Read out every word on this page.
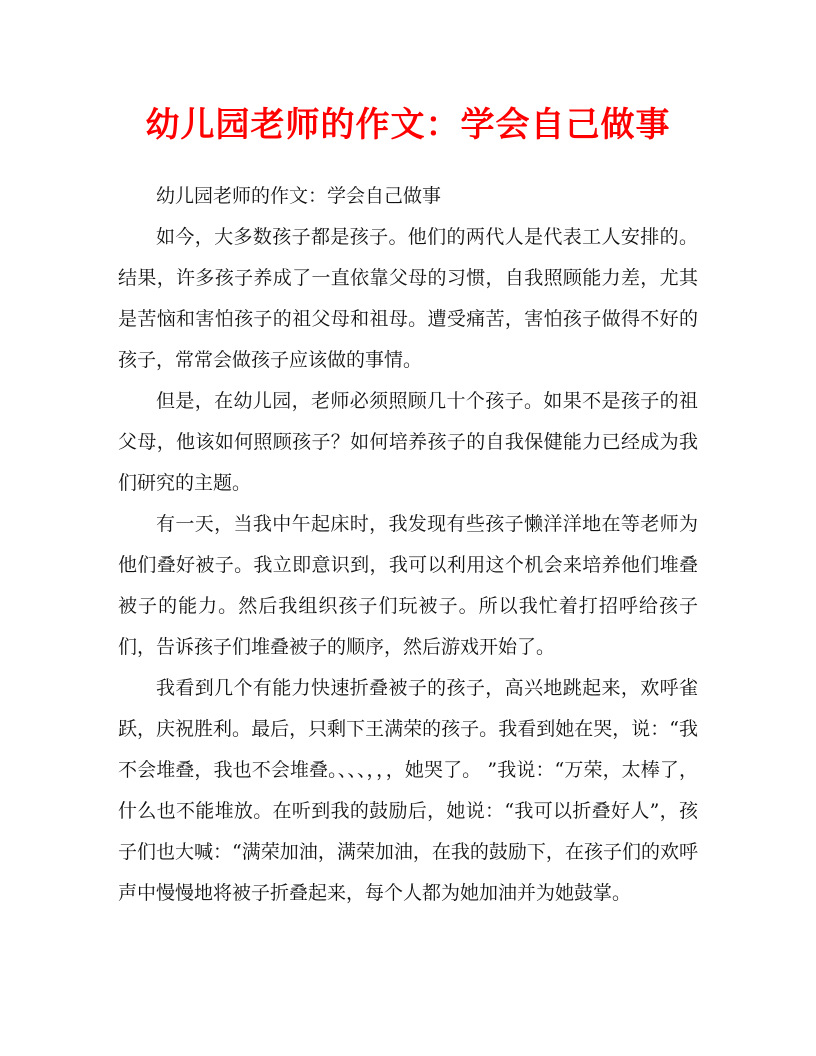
幼儿园老师的作文：学会自己做事

幼儿园老师的作文：学会自己做事

如今，大多数孩子都是孩子。他们的两代人是代表工人安排的。结果，许多孩子养成了一直依靠父母的习惯，自我照顾能力差，尤其是苦恼和害怕孩子的祖父母和祖母。遭受痛苦，害怕孩子做得不好的孩子，常常会做孩子应该做的事情。

但是，在幼儿园，老师必须照顾几十个孩子。如果不是孩子的祖父母，他该如何照顾孩子？如何培养孩子的自我保健能力已经成为我们研究的主题。

有一天，当我中午起床时，我发现有些孩子懒洋洋地在等老师为他们叠好被子。我立即意识到，我可以利用这个机会来培养他们堆叠被子的能力。然后我组织孩子们玩被子。所以我忙着打招呼给孩子们，告诉孩子们堆叠被子的顺序，然后游戏开始了。

我看到几个有能力快速折叠被子的孩子，高兴地跳起来，欢呼雀跃，庆祝胜利。最后，只剩下王满荣的孩子。我看到她在哭，说：“我不会堆叠，我也不会堆叠。、、、，，，她哭了。 ”我说：“万荣，太棒了，什么也不能堆放。在听到我的鼓励后，她说：“我可以折叠好人”，孩子们也大喊：“满荣加油，满荣加油，在我的鼓励下，在孩子们的欢呼声中慢慢地将被子折叠起来，每个人都为她加油并为她鼓掌。
